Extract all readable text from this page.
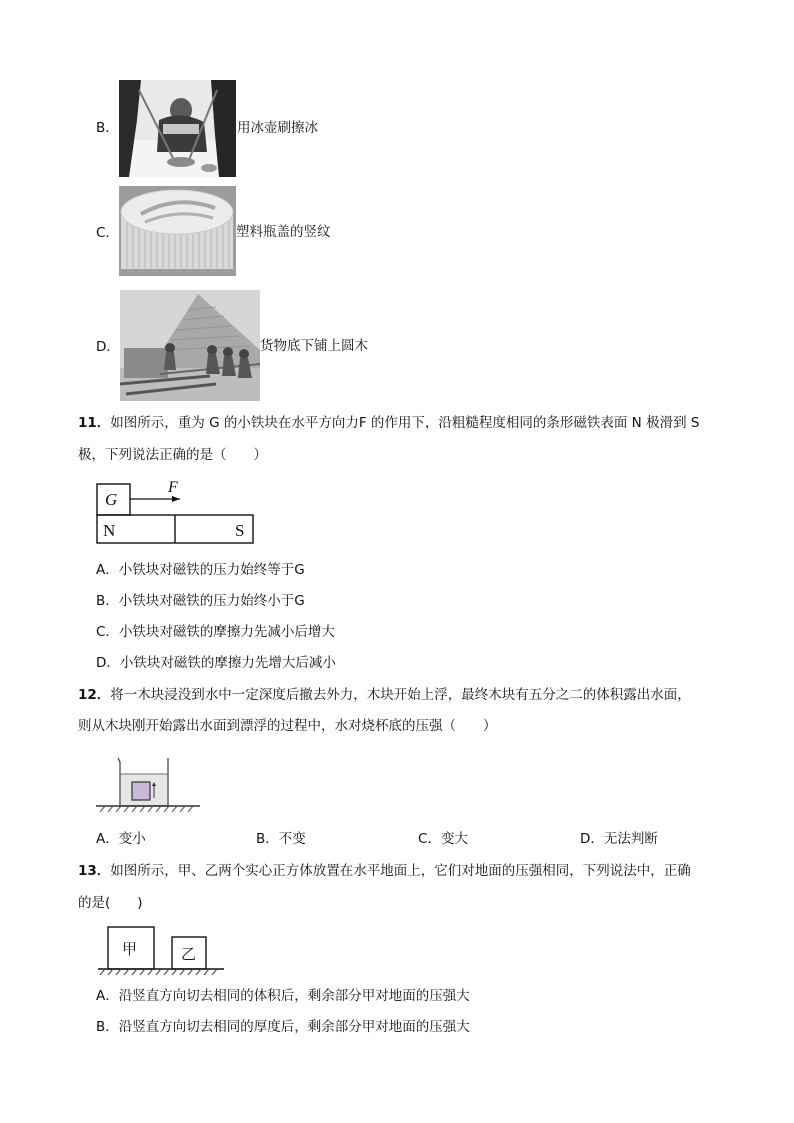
B．	用冰壶刷擦冰
C．	塑料瓶盖的竖纹
D．	货物底下铺上圆木
11．如图所示，重为 G 的小铁块在水平方向力F 的作用下，沿粗糙程度相同的条形磁铁表面 N 极滑到 S
极，下列说法正确的是（　　）
G
F
N	S
A．小铁块对磁铁的压力始终等于G
B．小铁块对磁铁的压力始终小于G
C．小铁块对磁铁的摩擦力先减小后增大
D．小铁块对磁铁的摩擦力先增大后减小
12．将一木块浸没到水中一定深度后撤去外力，木块开始上浮，最终木块有五分之二的体积露出水面，
则从木块刚开始露出水面到漂浮的过程中，水对烧杯底的压强（　　）
A．变小	B．不变	C．变大	D．无法判断
13．如图所示，甲、乙两个实心正方体放置在水平地面上，它们对地面的压强相同，下列说法中，正确
的是(　　)
甲	乙
A．沿竖直方向切去相同的体积后，剩余部分甲对地面的压强大
B．沿竖直方向切去相同的厚度后，剩余部分甲对地面的压强大
